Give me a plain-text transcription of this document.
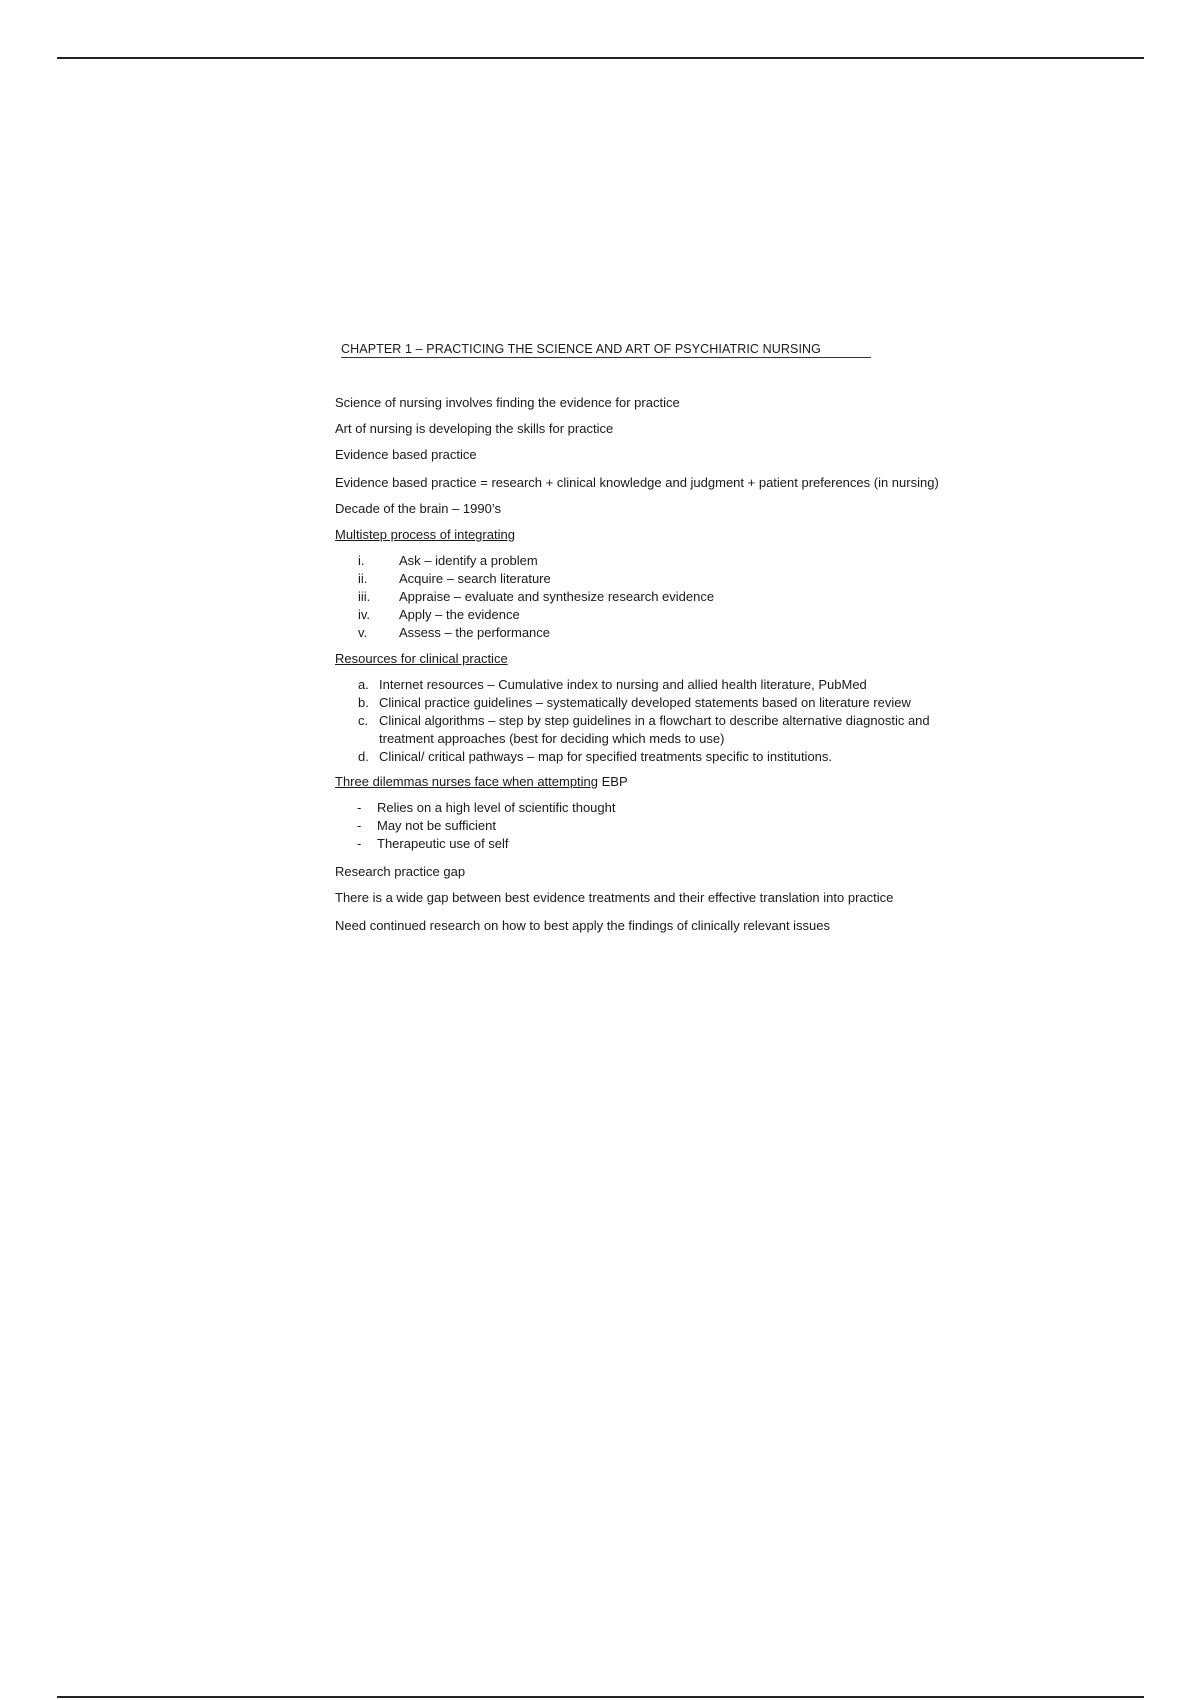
CHAPTER 1 – PRACTICING THE SCIENCE AND ART OF PSYCHIATRIC NURSING

Science of nursing involves finding the evidence for practice

Art of nursing is developing the skills for practice

Evidence based practice

Evidence based practice = research + clinical knowledge and judgment + patient preferences (in nursing)

Decade of the brain – 1990’s

Multistep process of integrating

i.	Ask – identify a problem
ii. Acquire – search literature
iii. Appraise – evaluate and synthesize research evidence
iv. Apply – the evidence
v. Assess – the performance

Resources for clinical practice

a. Internet resources – Cumulative index to nursing and allied health literature, PubMed
b. Clinical practice guidelines – systematically developed statements based on literature review
c. Clinical algorithms – step by step guidelines in a flowchart to describe alternative diagnostic and treatment approaches (best for deciding which meds to use)
d. Clinical/ critical pathways – map for specified treatments specific to institutions.

Three dilemmas nurses face when attempting EBP

- Relies on a high level of scientific thought
- May not be sufficient
- Therapeutic use of self

Research practice gap

There is a wide gap between best evidence treatments and their effective translation into practice

Need continued research on how to best apply the findings of clinically relevant issues
